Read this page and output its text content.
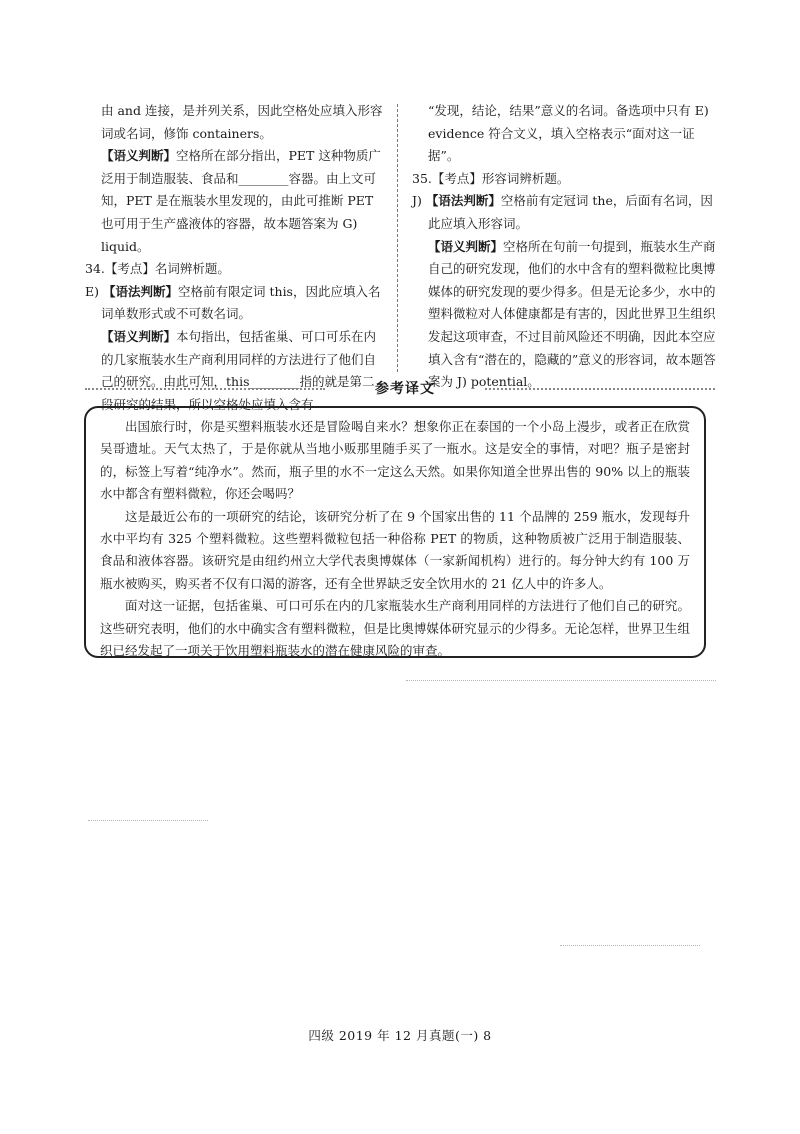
由 and 连接，是并列关系，因此空格处应填入形容词或名词，修饰 containers。

【语义判断】空格所在部分指出，PET 这种物质广泛用于制造服装、食品和________容器。由上文可知，PET 是在瓶装水里发现的，由此可推断 PET 也可用于生产盛液体的容器，故本题答案为 G) liquid。

34.【考点】名词辨析题。

E) 【语法判断】空格前有限定词 this，因此应填入名词单数形式或不可数名词。

【语义判断】本句指出，包括雀巢、可口可乐在内的几家瓶装水生产商利用同样的方法进行了他们自己的研究。由此可知，this________指的就是第二段研究的结果，所以空格处应填入含有

“发现，结论，结果”意义的名词。备选项中只有 E) evidence 符合文义，填入空格表示“面对这一证据”。

35.【考点】形容词辨析题。

J) 【语法判断】空格前有定冠词 the，后面有名词，因此应填入形容词。

【语义判断】空格所在句前一句提到，瓶装水生产商自己的研究发现，他们的水中含有的塑料微粒比奥博媒体的研究发现的要少得多。但是无论多少，水中的塑料微粒对人体健康都是有害的，因此世界卫生组织发起这项审查，不过目前风险还不明确，因此本空应填入含有“潜在的，隐藏的”意义的形容词，故本题答案为 J) potential。

参考译文

出国旅行时，你是买塑料瓶装水还是冒险喝自来水？想象你正在泰国的一个小岛上漫步，或者正在欣赏吴哥遗址。天气太热了，于是你就从当地小贩那里随手买了一瓶水。这是安全的事情，对吧？瓶子是密封的，标签上写着“纯净水”。然而，瓶子里的水不一定这么天然。如果你知道全世界出售的 90% 以上的瓶装水中都含有塑料微粒，你还会喝吗？

这是最近公布的一项研究的结论，该研究分析了在 9 个国家出售的 11 个品牌的 259 瓶水，发现每升水中平均有 325 个塑料微粒。这些塑料微粒包括一种俗称 PET 的物质，这种物质被广泛用于制造服装、食品和液体容器。该研究是由纽约州立大学代表奥博媒体（一家新闻机构）进行的。每分钟大约有 100 万瓶水被购买，购买者不仅有口渴的游客，还有全世界缺乏安全饮用水的 21 亿人中的许多人。

面对这一证据，包括雀巢、可口可乐在内的几家瓶装水生产商利用同样的方法进行了他们自己的研究。这些研究表明，他们的水中确实含有塑料微粒，但是比奥博媒体研究显示的少得多。无论怎样，世界卫生组织已经发起了一项关于饮用塑料瓶装水的潜在健康风险的审查。

四级 2019 年 12 月真题(一) 8
